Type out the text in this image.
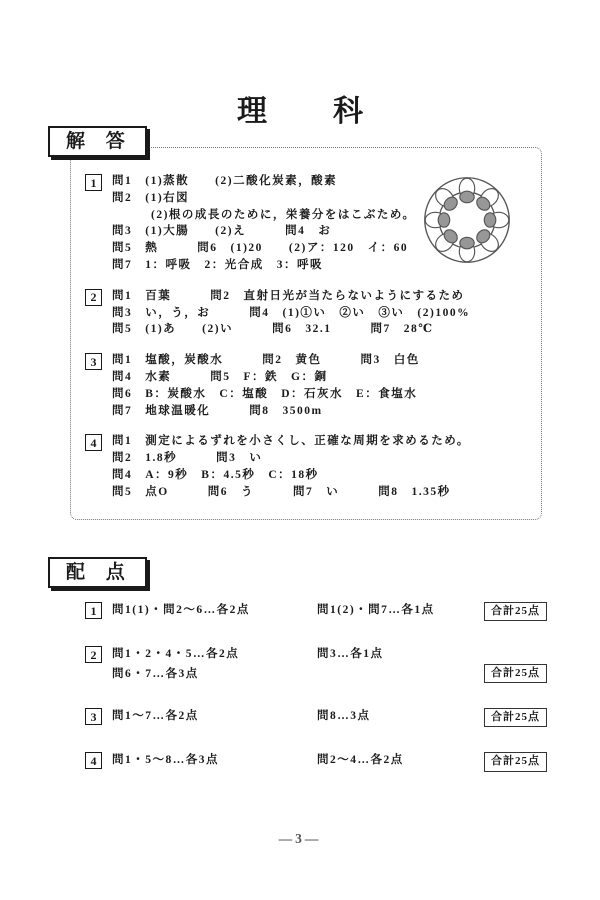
理　科
解 答
1	問1　(1)蒸散　　(2)二酸化炭素，酸素
問2　(1)右図
　　　(2)根の成長のために，栄養分をはこぶため。
問3　(1)大腸　　(2)え　　　問4　お
問5　熱　　　問6　(1)20　　(2)ア：120　イ：60
問7　1：呼吸　2：光合成　3：呼吸
2	問1　百葉　　　問2　直射日光が当たらないようにするため
問3　い，う，お　　　問4　(1)①い　②い　③い　(2)100%
問5　(1)あ　　(2)い　　　問6　32.1　　　問7　28℃
3	問1　塩酸，炭酸水　　　問2　黄色　　　問3　白色
問4　水素　　　問5　F：鉄　G：銅
問6　B：炭酸水　C：塩酸　D：石灰水　E：食塩水
問7　地球温暖化　　　問8　3500m
4	問1　測定によるずれを小さくし、正確な周期を求めるため。
問2　1.8秒　　　問3　い
問4　A：9秒　B：4.5秒　C：18秒
問5　点O　　　問6　う　　　問7　い　　　問8　1.35秒
配 点
1	問1(1)・問2～6…各2点	問1(2)・問7…各1点	合計25点
2	問1・2・4・5…各2点	問3…各1点
問6・7…各3点	合計25点
3	問1～7…各2点	問8…3点	合計25点
4	問1・5～8…各3点	問2～4…各2点	合計25点
—3—
